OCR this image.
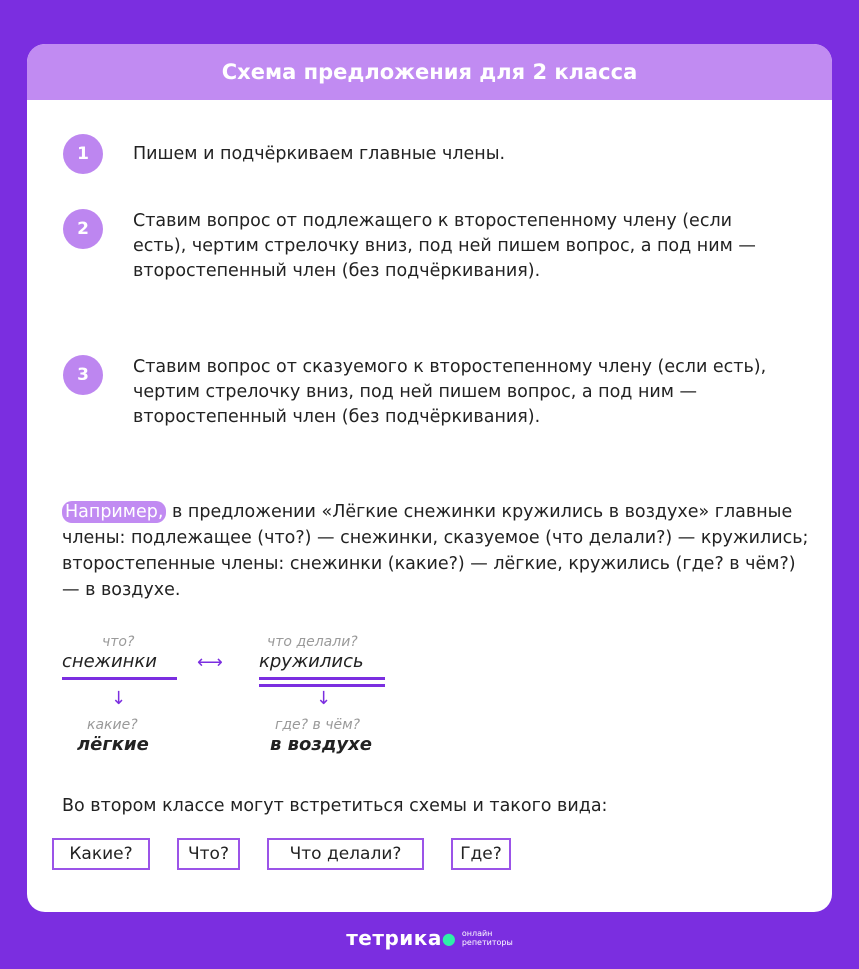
Схема предложения для 2 класса
1	Пишем и подчёркиваем главные члены.
2	Ставим вопрос от подлежащего к второстепенному члену (если есть), чертим стрелочку вниз, под ней пишем вопрос, а под ним — второстепенный член (без подчёркивания).
3	Ставим вопрос от сказуемого к второстепенному члену (если есть), чертим стрелочку вниз, под ней пишем вопрос, а под ним — второстепенный член (без подчёркивания).
Например, в предложении «Лёгкие снежинки кружились в воздухе» главные члены: подлежащее (что?) — снежинки, сказуемое (что делали?) — кружились; второстепенные члены: снежинки (какие?) — лёгкие, кружились (где? в чём?) — в воздухе.
что?
снежинки ⟷
что делали?
кружились
↓	↓
какие?
лёгкие
где? в чём?
в воздухе
Во втором классе могут встретиться схемы и такого вида:
Какие?	Что?	Что делали?	Где?
тетрика ● онлайн
репетиторы
